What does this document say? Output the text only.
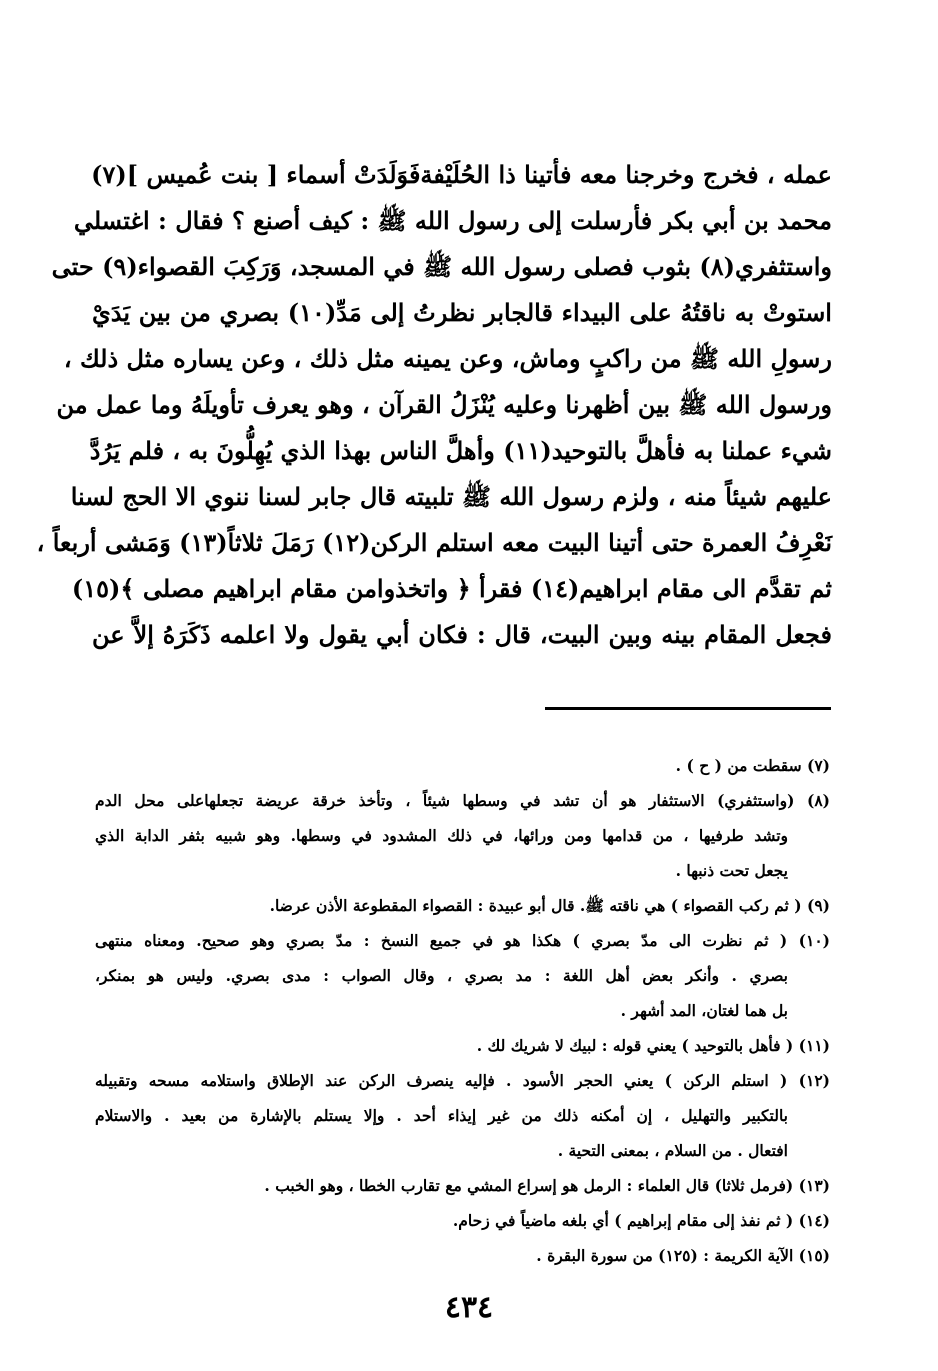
عمله ، فخرج وخرجنا معه فأتينا ذا الحُلَيْفةفَوَلَدَتْ أسماء [ بنت عُميس ](٧)
محمد بن أبي بكر فأرسلت إلى رسول الله ﷺ : كيف أصنع ؟ فقال : اغتسلي
واستثفري(٨) بثوب فصلى رسول الله ﷺ في المسجد، وَرَكِبَ القصواء(٩) حتى
استوتْ به ناقتُهُ على البيداء قالجابر نظرتُ إلى مَدِّ(١٠) بصري من بين يَدَيْ
رسولِ الله ﷺ من راكبٍ وماش، وعن يمينه مثل ذلك ، وعن يساره مثل ذلك ،
ورسول الله ﷺ بين أظهرنا وعليه يُنْزَلُ القرآن ، وهو يعرف تأويلَهُ وما عمل من
شيء عملنا به فأهلَّ بالتوحيد(١١) وأهلَّ الناس بهذا الذي يُهِلُّونَ به ، فلم يَرُدَّ
عليهم شيئاً منه ، ولزم رسول الله ﷺ تلبيته قال جابر لسنا ننوي الا الحج لسنا
نَعْرِفُ العمرة حتى أتينا البيت معه استلم الركن(١٢) رَمَلَ ثلاثاً(١٣) وَمَشى أربعاً ،
ثم تقدَّم الى مقام ابراهيم(١٤) فقرأ ﴿ واتخذوامن مقام ابراهيم مصلى ﴾(١٥)
فجعل المقام بينه وبين البيت، قال : فكان أبي يقول ولا اعلمه ذَكَرَهُ إلاَّ عن
(٧) سقطت من ( ح ) .
(٨) (واستثفري) الاستثفار هو أن تشد في وسطها شيئاً ، وتأخذ خرقة عريضة تجعلهاعلى محل الدم
وتشد طرفيها ، من قدامها ومن ورائها، في ذلك المشدود في وسطها. وهو شبيه بثفر الدابة الذي
يجعل تحت ذنبها .
(٩) ( ثم ركب القصواء ) هي ناقته ﷺ. قال أبو عبيدة : القصواء المقطوعة الأذن عرضا.
(١٠) ( ثم نظرت الى مدّ بصري ) هكذا هو في جميع النسخ : مدّ بصري وهو صحيح. ومعناه منتهى
بصري . وأنكر بعض أهل اللغة : مد بصري ، وقال الصواب : مدى بصري. وليس هو بمنكر،
بل هما لغتان، المد أشهر .
(١١) ( فأهل بالتوحيد ) يعني قوله : لبيك لا شريك لك .
(١٢) ( استلم الركن ) يعني الحجر الأسود . فإليه ينصرف الركن عند الإطلاق واستلامه مسحه وتقبيله
بالتكبير والتهليل ، إن أمكنه ذلك من غير إيذاء أحد . وإلا يستلم بالإشارة من بعيد . والاستلام
افتعال . من السلام ، بمعنى التحية .
(١٣) (فرمل ثلاثا) قال العلماء : الرمل هو إسراع المشي مع تقارب الخطا ، وهو الخبب .
(١٤) ( ثم نفذ إلى مقام إبراهيم ) أي بلغه ماضياً في زحام.
(١٥) الآية الكريمة : (١٢٥) من سورة البقرة .
٤٣٤
